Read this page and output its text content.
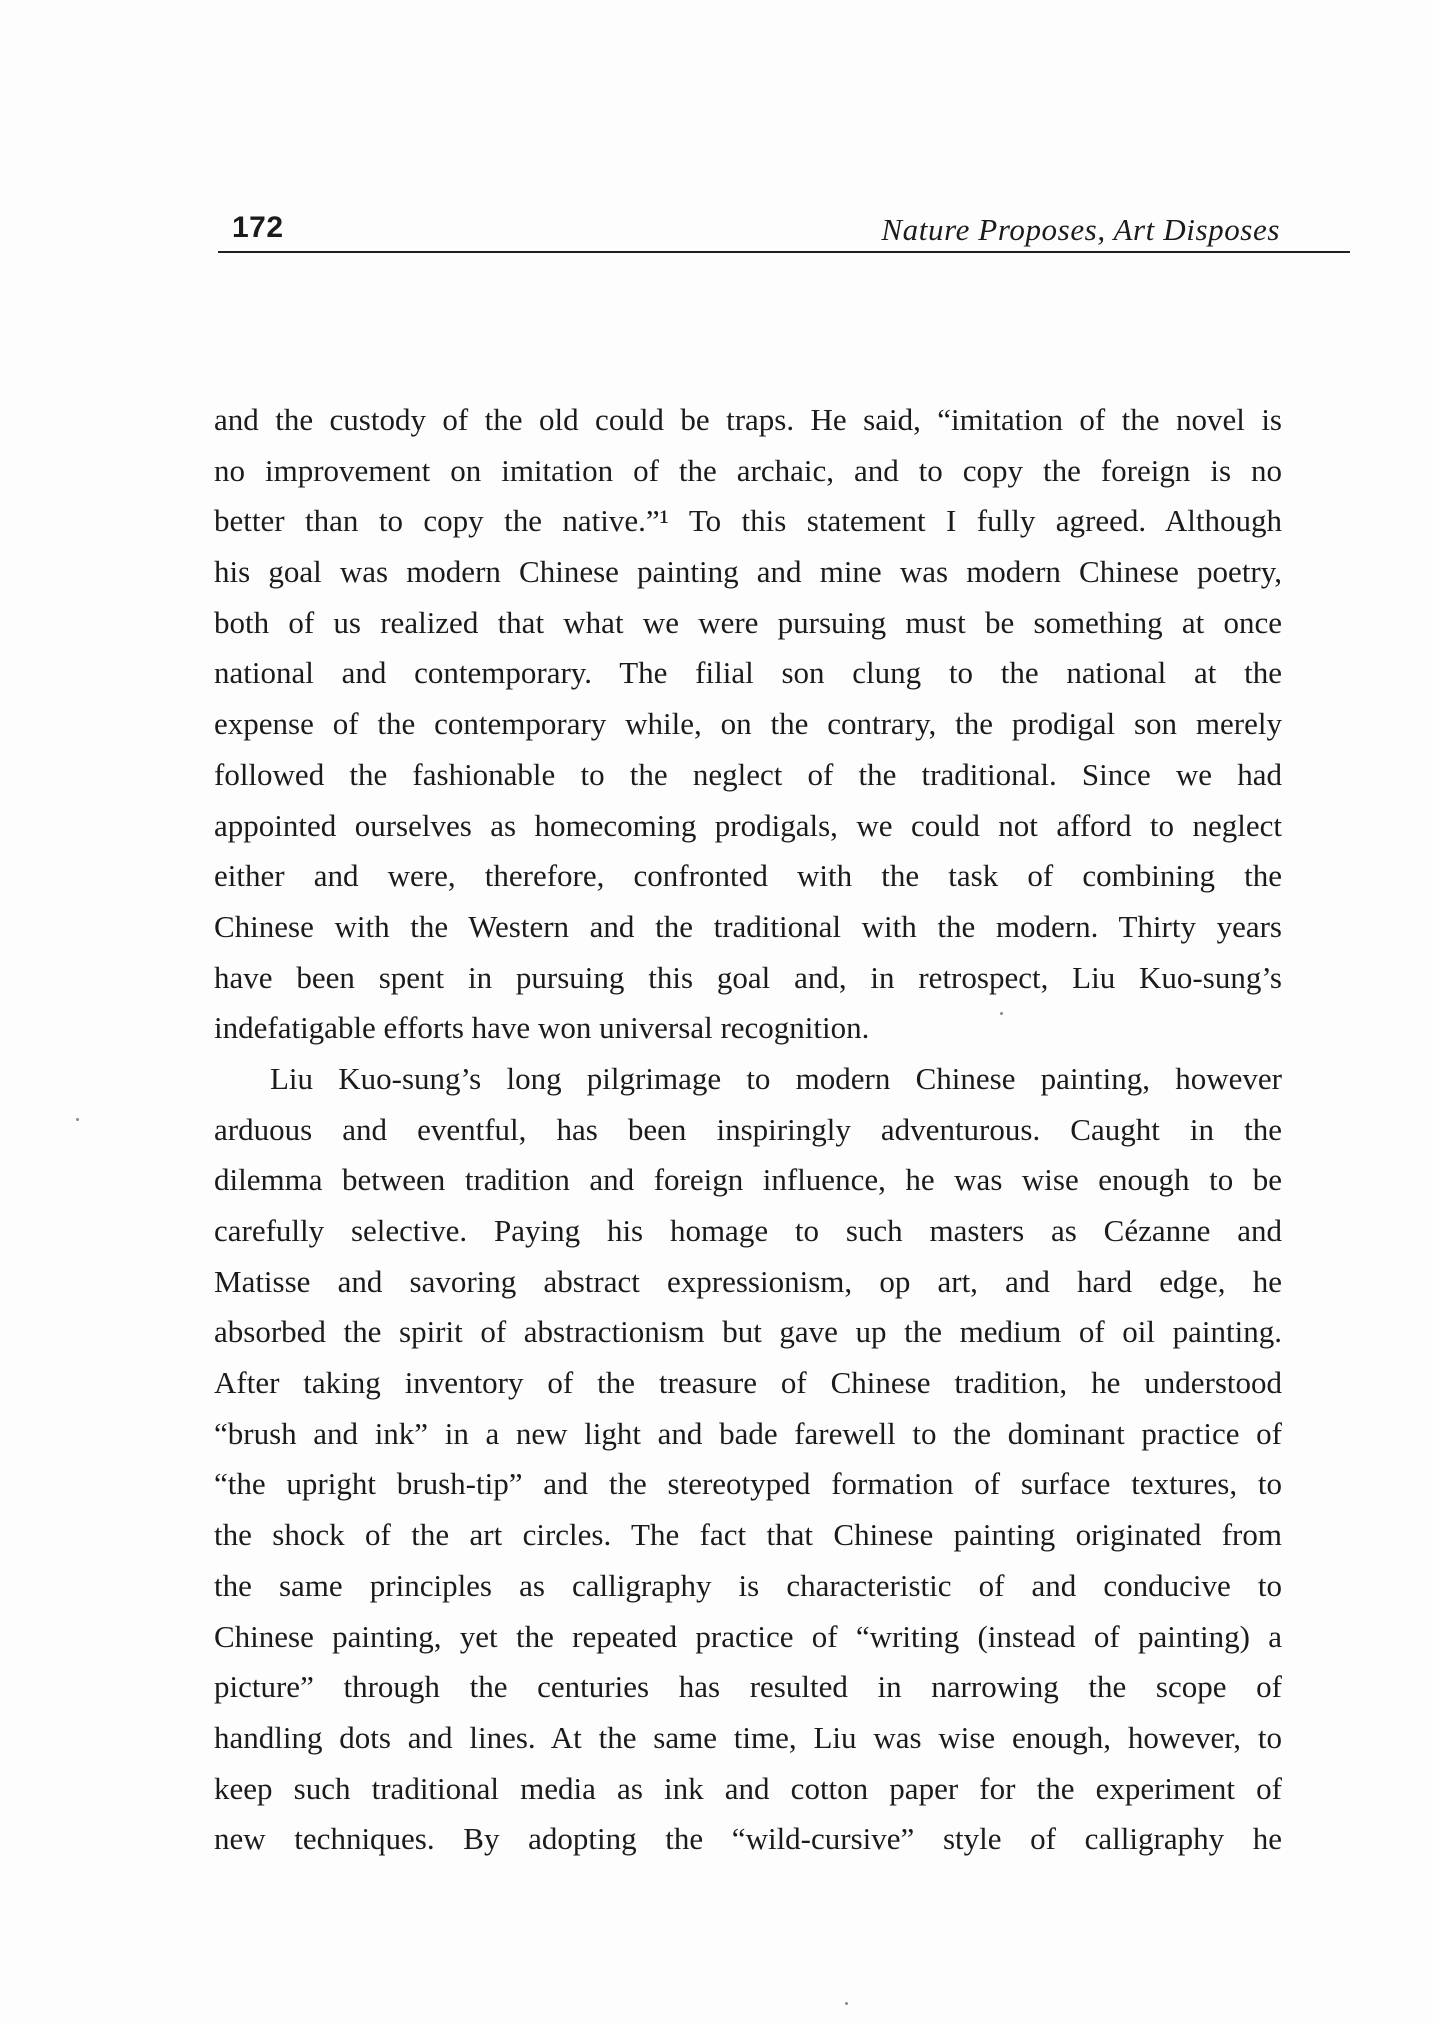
172	Nature Proposes, Art Disposes
and the custody of the old could be traps. He said, “imitation of the novel is
no improvement on imitation of the archaic, and to copy the foreign is no
better than to copy the native.”¹ To this statement I fully agreed. Although
his goal was modern Chinese painting and mine was modern Chinese poetry,
both of us realized that what we were pursuing must be something at once
national and contemporary. The filial son clung to the national at the
expense of the contemporary while, on the contrary, the prodigal son merely
followed the fashionable to the neglect of the traditional. Since we had
appointed ourselves as homecoming prodigals, we could not afford to neglect
either and were, therefore, confronted with the task of combining the
Chinese with the Western and the traditional with the modern. Thirty years
have been spent in pursuing this goal and, in retrospect, Liu Kuo-sung’s
indefatigable efforts have won universal recognition.
Liu Kuo-sung’s long pilgrimage to modern Chinese painting, however
arduous and eventful, has been inspiringly adventurous. Caught in the
dilemma between tradition and foreign influence, he was wise enough to be
carefully selective. Paying his homage to such masters as Cézanne and
Matisse and savoring abstract expressionism, op art, and hard edge, he
absorbed the spirit of abstractionism but gave up the medium of oil painting.
After taking inventory of the treasure of Chinese tradition, he understood
“brush and ink” in a new light and bade farewell to the dominant practice of
“the upright brush-tip” and the stereotyped formation of surface textures, to
the shock of the art circles. The fact that Chinese painting originated from
the same principles as calligraphy is characteristic of and conducive to
Chinese painting, yet the repeated practice of “writing (instead of painting) a
picture” through the centuries has resulted in narrowing the scope of
handling dots and lines. At the same time, Liu was wise enough, however, to
keep such traditional media as ink and cotton paper for the experiment of
new techniques. By adopting the “wild-cursive” style of calligraphy he
